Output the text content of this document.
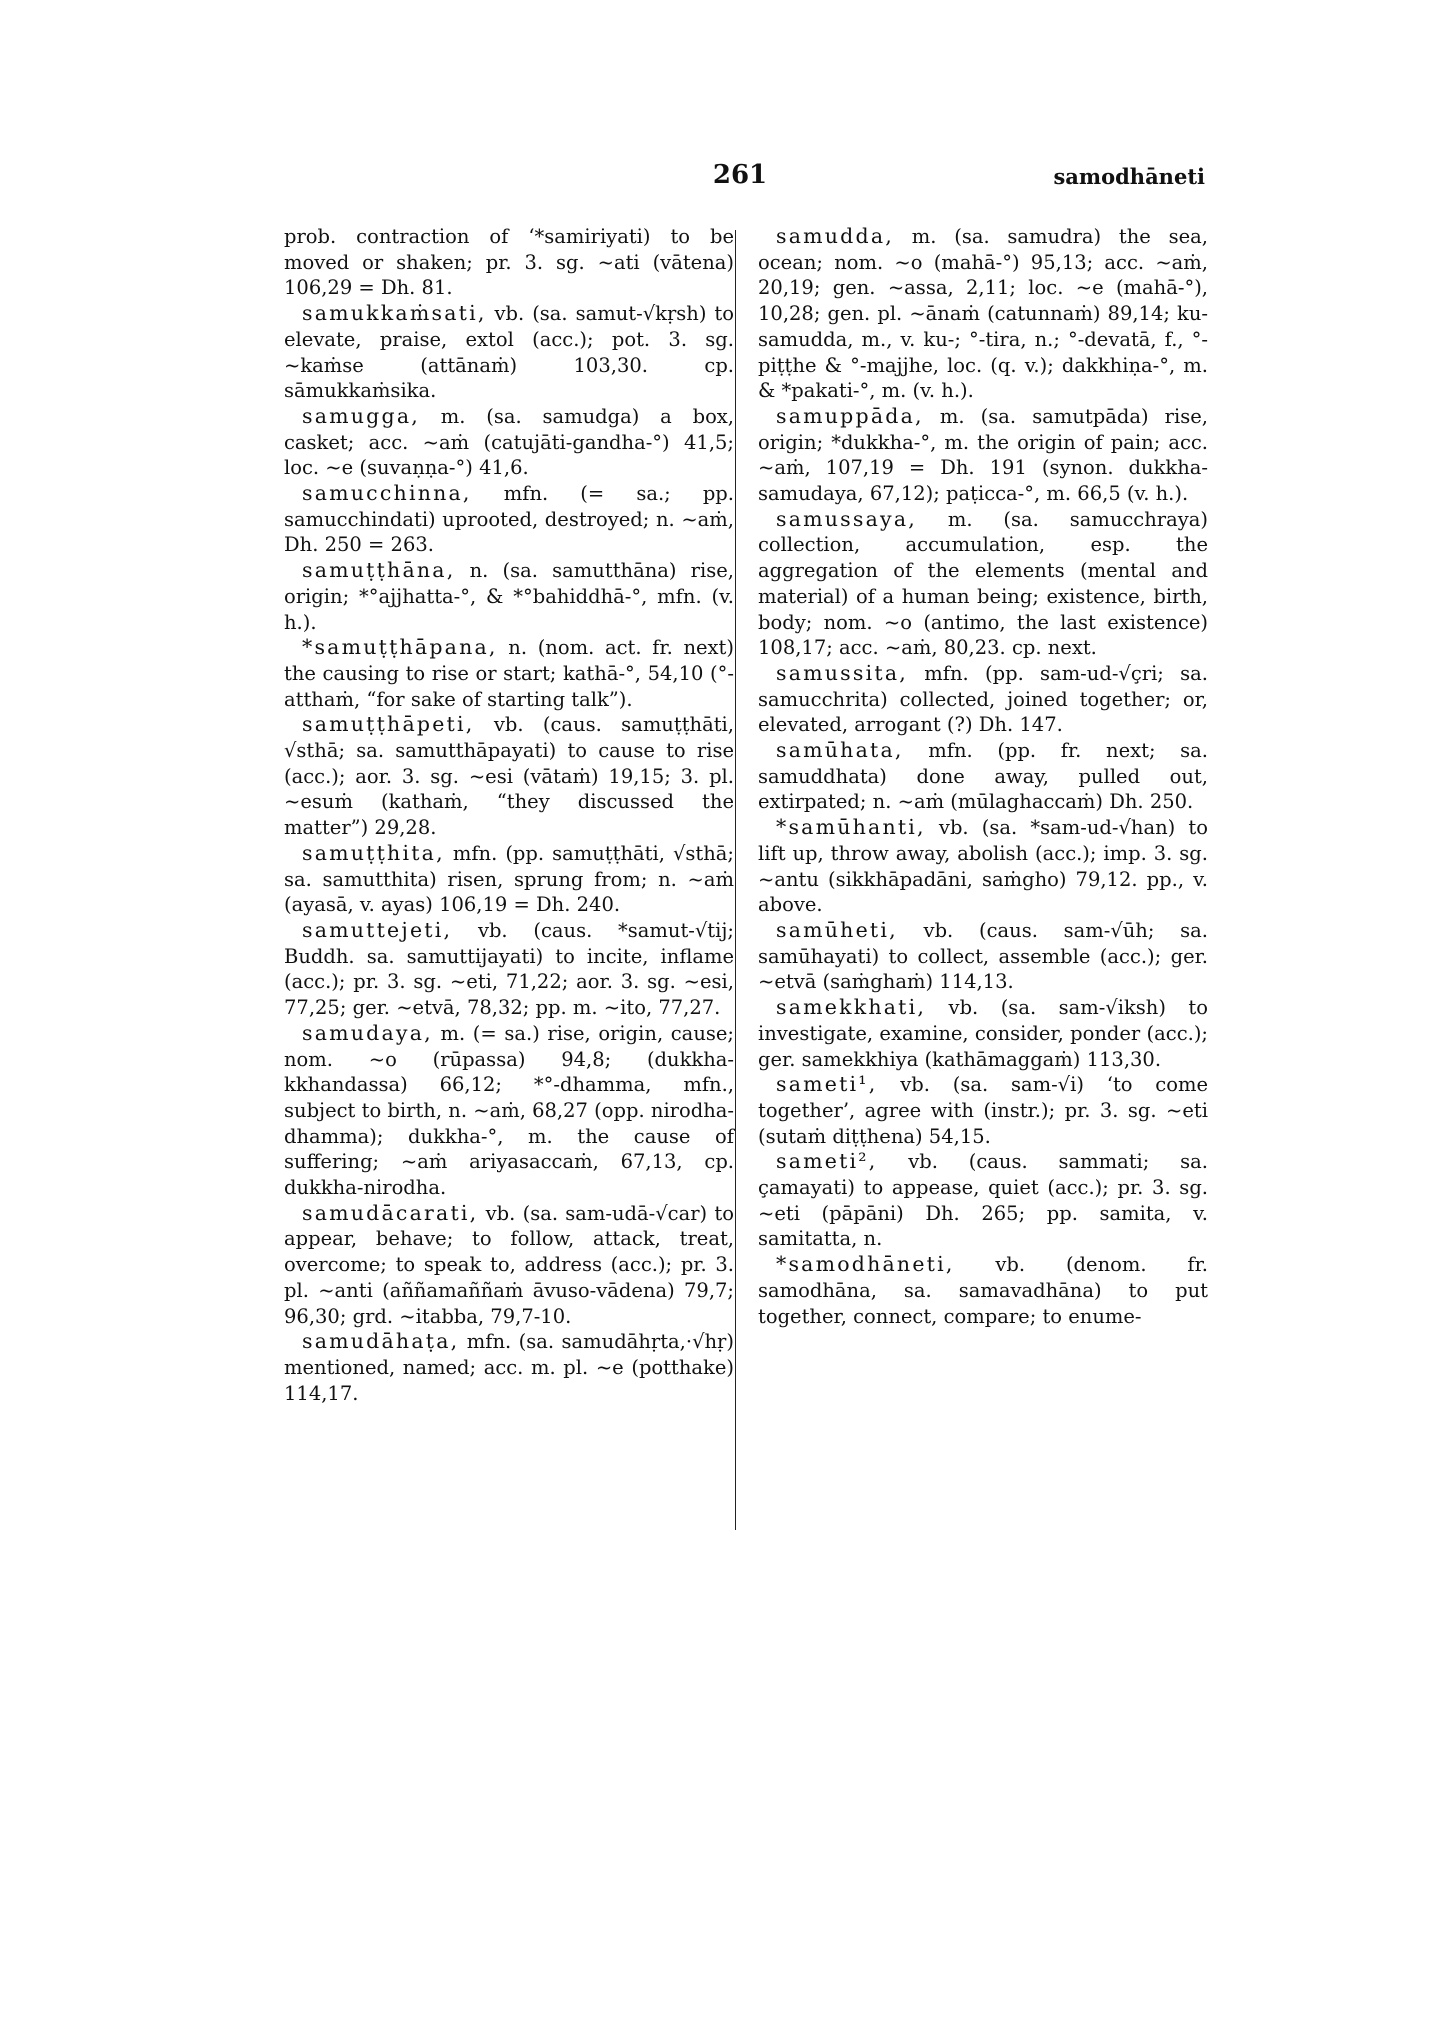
261	samodhāneti

prob. contraction of ‘*samiriyati) to be moved or shaken; pr. 3. sg. ~ati (vātena) 106,29 = Dh. 81.

samukkaṁsati, vb. (sa. samut-√kṛsh) to elevate, praise, extol (acc.); pot. 3. sg. ~kaṁse (attānaṁ) 103,30. cp. sāmukkaṁsika.

samugga, m. (sa. samudga) a box, casket; acc. ~aṁ (catujāti-gandha-°) 41,5; loc. ~e (suvaṇṇa-°) 41,6.

samucchinna, mfn. (= sa.; pp. samucchindati) uprooted, destroyed; n. ~aṁ, Dh. 250 = 263.

samuṭṭhāna, n. (sa. samutthāna) rise, origin; *°ajjhatta-°, & *°bahiddhā-°, mfn. (v. h.).

*samuṭṭhāpana, n. (nom. act. fr. next) the causing to rise or start; kathā-°, 54,10 (°-atthaṁ, “for sake of starting talk”).

samuṭṭhāpeti, vb. (caus. samuṭṭhāti, √sthā; sa. samutthāpayati) to cause to rise (acc.); aor. 3. sg. ~esi (vātaṁ) 19,15; 3. pl. ~esuṁ (kathaṁ, “they discussed the matter”) 29,28.

samuṭṭhita, mfn. (pp. samuṭṭhāti, √sthā; sa. samutthita) risen, sprung from; n. ~aṁ (ayasā, v. ayas) 106,19 = Dh. 240.

samuttejeti, vb. (caus. *samut-√tij; Buddh. sa. samuttijayati) to incite, inflame (acc.); pr. 3. sg. ~eti, 71,22; aor. 3. sg. ~esi, 77,25; ger. ~etvā, 78,32; pp. m. ~ito, 77,27.

samudaya, m. (= sa.) rise, origin, cause; nom. ~o (rūpassa) 94,8; (dukkha-kkhandassa) 66,12; *°-dhamma, mfn., subject to birth, n. ~aṁ, 68,27 (opp. nirodha-dhamma); dukkha-°, m. the cause of suffering; ~aṁ ariyasaccaṁ, 67,13, cp. dukkha-nirodha.

samudācarati, vb. (sa. sam-udā-√car) to appear, behave; to follow, attack, treat, overcome; to speak to, address (acc.); pr. 3. pl. ~anti (aññamaññaṁ āvuso-vādena) 79,7; 96,30; grd. ~itabba, 79,7-10.

samudāhaṭa, mfn. (sa. samudāhṛta,·√hṛ) mentioned, named; acc. m. pl. ~e (potthake) 114,17.

samudda, m. (sa. samudra) the sea, ocean; nom. ~o (mahā-°) 95,13; acc. ~aṁ, 20,19; gen. ~assa, 2,11; loc. ~e (mahā-°), 10,28; gen. pl. ~ānaṁ (catunnaṁ) 89,14; ku-samudda, m., v. ku-; °-tira, n.; °-devatā, f., °-piṭṭhe & °-majjhe, loc. (q. v.); dakkhiṇa-°, m. & *pakati-°, m. (v. h.).

samuppāda, m. (sa. samutpāda) rise, origin; *dukkha-°, m. the origin of pain; acc. ~aṁ, 107,19 = Dh. 191 (synon. dukkha-samudaya, 67,12); paṭicca-°, m. 66,5 (v. h.).

samussaya, m. (sa. samucchraya) collection, accumulation, esp. the aggregation of the elements (mental and material) of a human being; existence, birth, body; nom. ~o (antimo, the last existence) 108,17; acc. ~aṁ, 80,23. cp. next.

samussita, mfn. (pp. sam-ud-√çri; sa. samucchrita) collected, joined together; or, elevated, arrogant (?) Dh. 147.

samūhata, mfn. (pp. fr. next; sa. samuddhata) done away, pulled out, extirpated; n. ~aṁ (mūlaghaccaṁ) Dh. 250.

*samūhanti, vb. (sa. *sam-ud-√han) to lift up, throw away, abolish (acc.); imp. 3. sg. ~antu (sikkhāpadāni, saṁgho) 79,12. pp., v. above.

samūheti, vb. (caus. sam-√ūh; sa. samūhayati) to collect, assemble (acc.); ger. ~etvā (saṁghaṁ) 114,13.

samekkhati, vb. (sa. sam-√iksh) to investigate, examine, consider, ponder (acc.); ger. samekkhiya (kathāmaggaṁ) 113,30.

sameti¹, vb. (sa. sam-√i) ‘to come together’, agree with (instr.); pr. 3. sg. ~eti (sutaṁ diṭṭhena) 54,15.

sameti², vb. (caus. sammati; sa. çamayati) to appease, quiet (acc.); pr. 3. sg. ~eti (pāpāni) Dh. 265; pp. samita, v. samitatta, n.

*samodhāneti, vb. (denom. fr. samodhāna, sa. samavadhāna) to put together, connect, compare; to enume-
